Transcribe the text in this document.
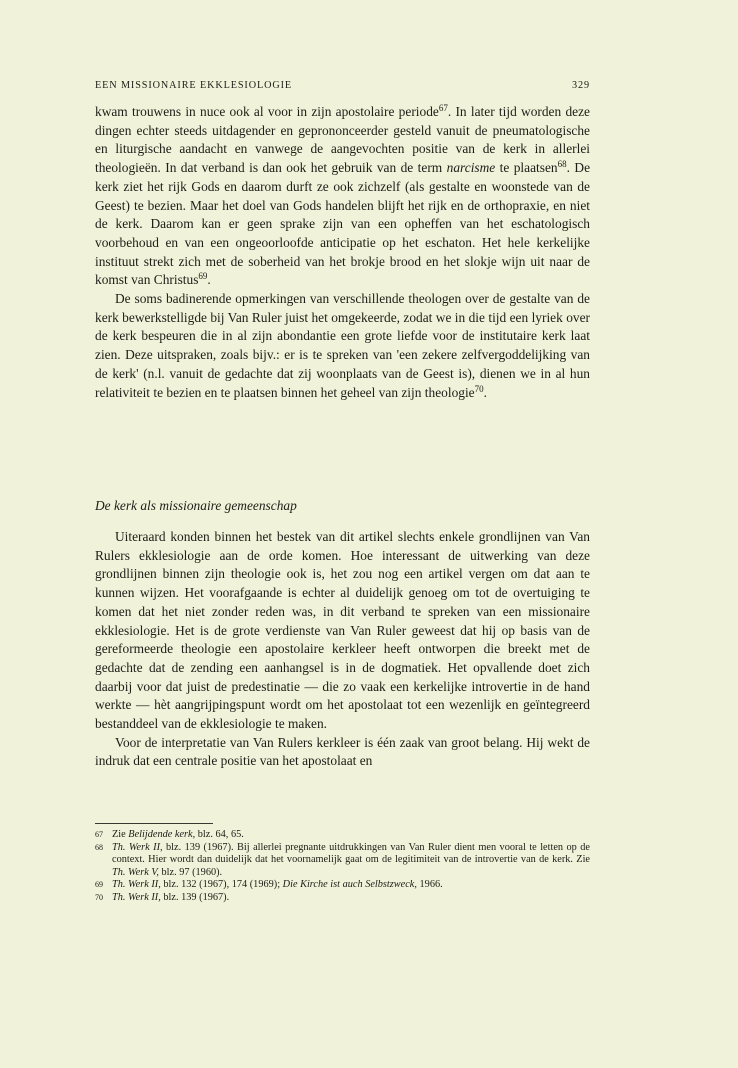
EEN MISSIONAIRE EKKLESIOLOGIE	329

kwam trouwens in nuce ook al voor in zijn apostolaire periode$^{67}$. In later tijd worden deze dingen echter steeds uitdagender en geprononceerder gesteld vanuit de pneumatologische en liturgische aandacht en vanwege de aangevochten positie van de kerk in allerlei theologieën. In dat verband is dan ook het gebruik van de term narcisme te plaatsen$^{68}$. De kerk ziet het rijk Gods en daarom durft ze ook zichzelf (als gestalte en woonstede van de Geest) te bezien. Maar het doel van Gods handelen blijft het rijk en de orthopraxie, en niet de kerk. Daarom kan er geen sprake zijn van een opheffen van het eschatologisch voorbehoud en van een ongeoorloofde anticipatie op het eschaton. Het hele kerkelijke instituut strekt zich met de soberheid van het brokje brood en het slokje wijn uit naar de komst van Christus$^{69}$.

De soms badinerende opmerkingen van verschillende theologen over de gestalte van de kerk bewerkstelligde bij Van Ruler juist het omgekeerde, zodat we in die tijd een lyriek over de kerk bespeuren die in al zijn abondantie een grote liefde voor de institutaire kerk laat zien. Deze uitspraken, zoals bijv.: er is te spreken van 'een zekere zelfvergoddelijking van de kerk' (n.l. vanuit de gedachte dat zij woonplaats van de Geest is), dienen we in al hun relativiteit te bezien en te plaatsen binnen het geheel van zijn theologie$^{70}$.

De kerk als missionaire gemeenschap

Uiteraard konden binnen het bestek van dit artikel slechts enkele grondlijnen van Van Rulers ekklesiologie aan de orde komen. Hoe interessant de uitwerking van deze grondlijnen binnen zijn theologie ook is, het zou nog een artikel vergen om dat aan te kunnen wijzen. Het voorafgaande is echter al duidelijk genoeg om tot de overtuiging te komen dat het niet zonder reden was, in dit verband te spreken van een missionaire ekklesiologie. Het is de grote verdienste van Van Ruler geweest dat hij op basis van de gereformeerde theologie een apostolaire kerkleer heeft ontworpen die breekt met de gedachte dat de zending een aanhangsel is in de dogmatiek. Het opvallende doet zich daarbij voor dat juist de predestinatie — die zo vaak een kerkelijke introvertie in de hand werkte — hèt aangrijpingspunt wordt om het apostolaat tot een wezenlijk en geïntegreerd bestanddeel van de ekklesiologie te maken.

Voor de interpretatie van Van Rulers kerkleer is één zaak van groot belang. Hij wekt de indruk dat een centrale positie van het apostolaat en

67 Zie Belijdende kerk, blz. 64, 65.
68 Th. Werk II, blz. 139 (1967). Bij allerlei pregnante uitdrukkingen van Van Ruler dient men vooral te letten op de context. Hier wordt dan duidelijk dat het voornamelijk gaat om de legitimiteit van de introvertie van de kerk. Zie Th. Werk V, blz. 97 (1960).
69 Th. Werk II, blz. 132 (1967), 174 (1969); Die Kirche ist auch Selbstzweck, 1966.
70 Th. Werk II, blz. 139 (1967).
